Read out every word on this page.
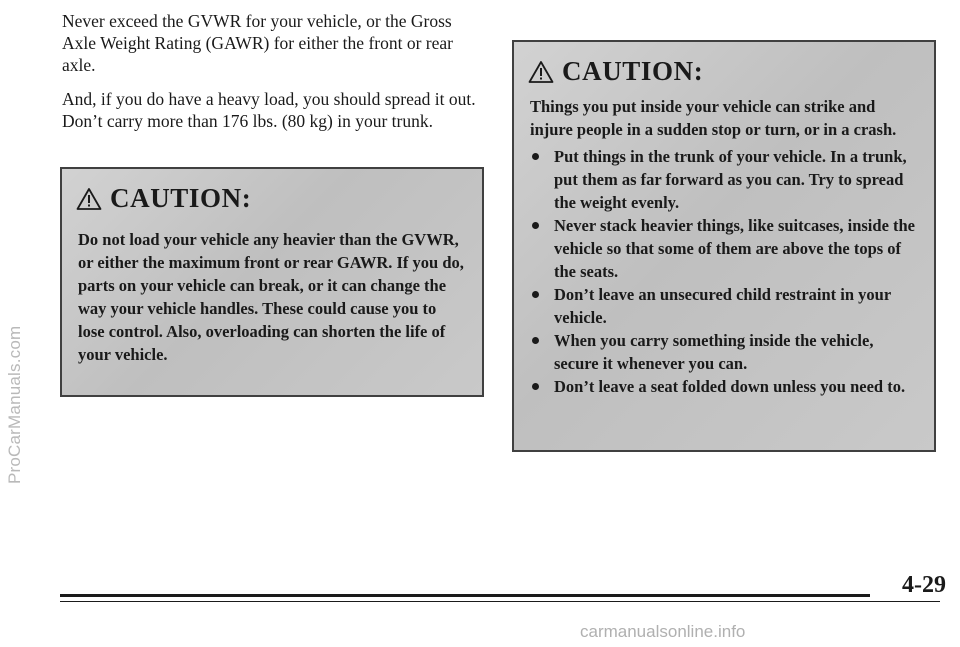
ProCarManuals.com

Never exceed the GVWR for your vehicle, or the Gross Axle Weight Rating (GAWR) for either the front or rear axle.

And, if you do have a heavy load, you should spread it out. Don’t carry more than 176 lbs. (80 kg) in your trunk.

CAUTION:
Do not load your vehicle any heavier than the GVWR, or either the maximum front or rear GAWR. If you do, parts on your vehicle can break, or it can change the way your vehicle handles. These could cause you to lose control. Also, overloading can shorten the life of your vehicle.
CAUTION:
Things you put inside your vehicle can strike and injure people in a sudden stop or turn, or in a crash.
Put things in the trunk of your vehicle. In a trunk, put them as far forward as you can. Try to spread the weight evenly.
Never stack heavier things, like suitcases, inside the vehicle so that some of them are above the tops of the seats.
Don’t leave an unsecured child restraint in your vehicle.
When you carry something inside the vehicle, secure it whenever you can.
Don’t leave a seat folded down unless you need to.
4-29
carmanualsonline.info
